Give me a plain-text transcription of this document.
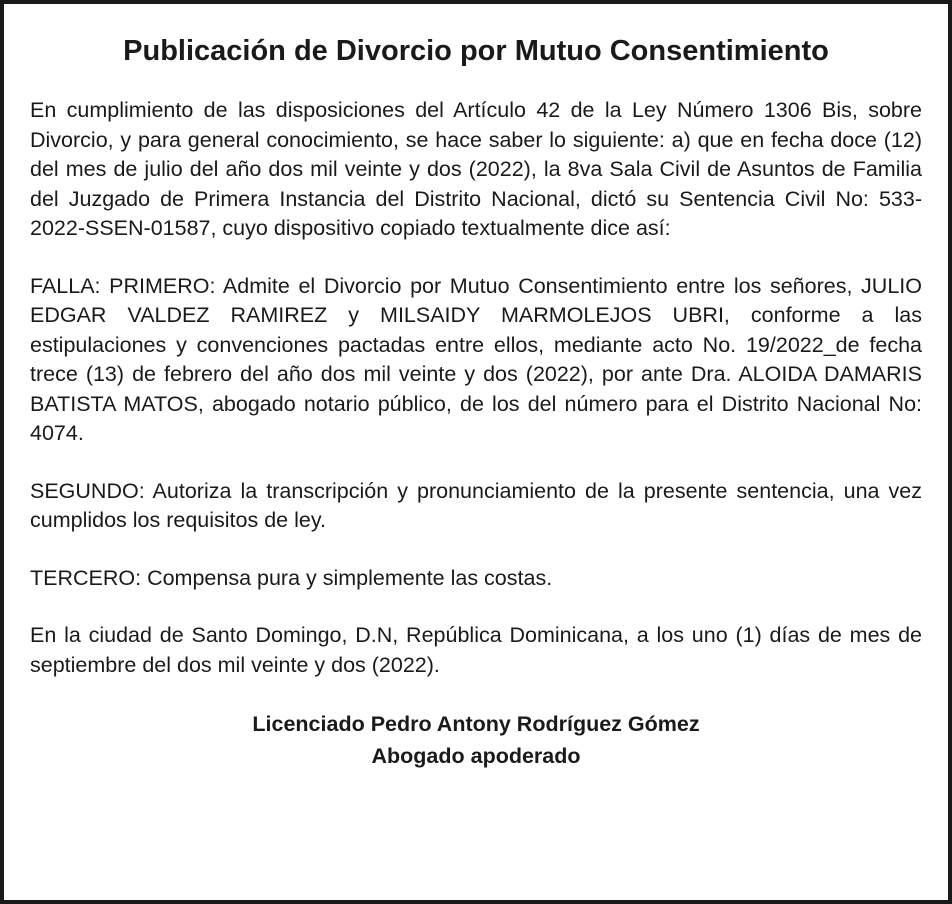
Publicación de Divorcio por Mutuo Consentimiento

En cumplimiento de las disposiciones del Artículo 42 de la Ley Número 1306 Bis, sobre Divorcio, y para general conocimiento, se hace saber lo siguiente: a) que en fecha doce (12) del mes de julio del año dos mil veinte y dos (2022), la 8va Sala Civil de Asuntos de Familia del Juzgado de Primera Instancia del Distrito Nacional, dictó su Sentencia Civil No: 533-2022-SSEN-01587, cuyo dispositivo copiado textualmente dice así:

FALLA: PRIMERO: Admite el Divorcio por Mutuo Consentimiento entre los señores, JULIO EDGAR VALDEZ RAMIREZ y MILSAIDY MARMOLEJOS UBRI, conforme a las estipulaciones y convenciones pactadas entre ellos, mediante acto No. 19/2022_de fecha trece (13) de febrero del año dos mil veinte y dos (2022), por ante Dra. ALOIDA DAMARIS BATISTA MATOS, abogado notario público, de los del número para el Distrito Nacional No: 4074.

SEGUNDO: Autoriza la transcripción y pronunciamiento de la presente sentencia, una vez cumplidos los requisitos de ley.

TERCERO: Compensa pura y simplemente las costas.

En la ciudad de Santo Domingo, D.N, República Dominicana, a los uno (1) días de mes de septiembre del dos mil veinte y dos (2022).

Licenciado Pedro Antony Rodríguez Gómez
Abogado apoderado
